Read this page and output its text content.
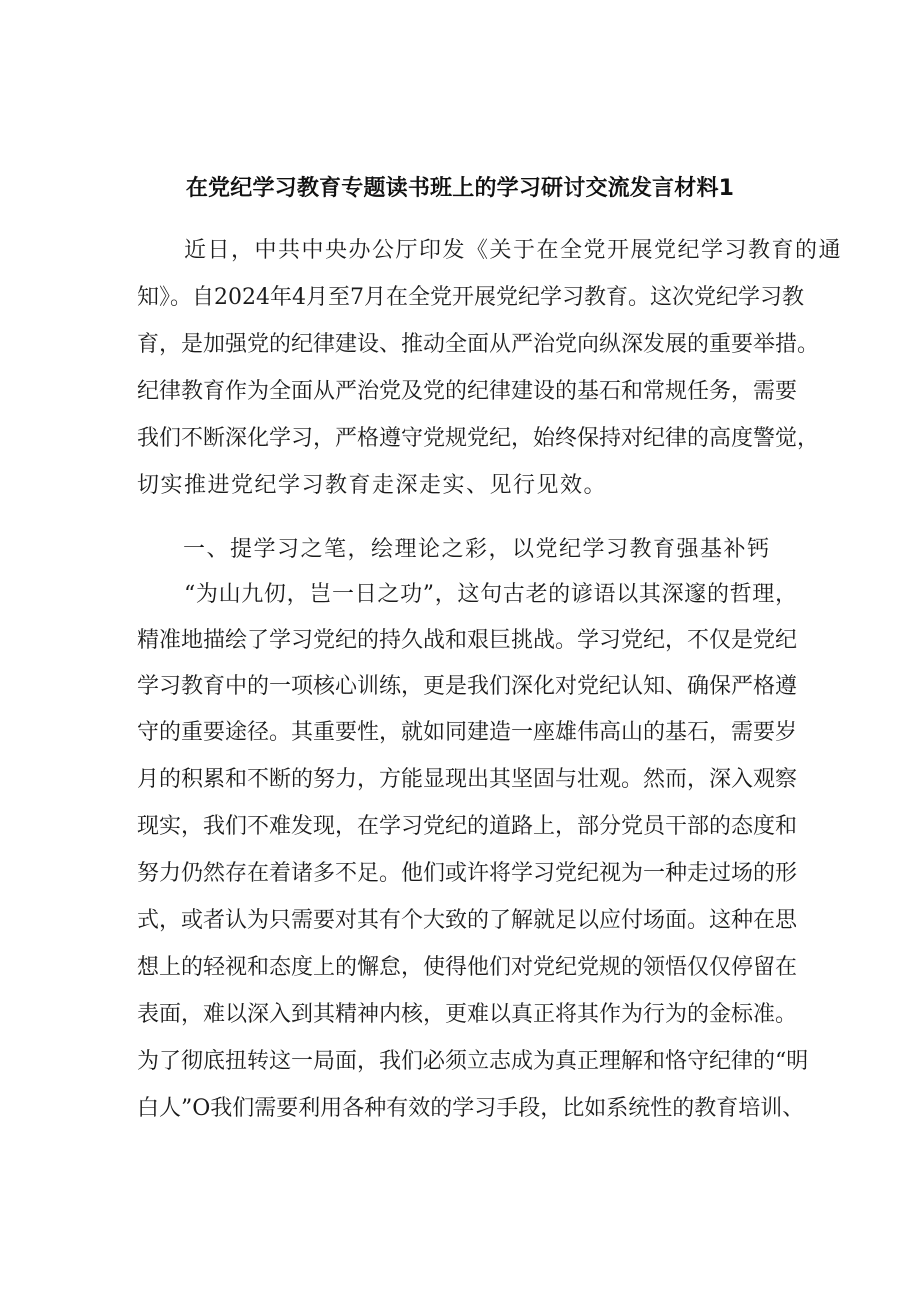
在党纪学习教育专题读书班上的学习研讨交流发言材料1
近日，中共中央办公厅印发《关于在全党开展党纪学习教育的通
知》。自2024年4月至7月在全党开展党纪学习教育。这次党纪学习教
育，是加强党的纪律建设、推动全面从严治党向纵深发展的重要举措。
纪律教育作为全面从严治党及党的纪律建设的基石和常规任务，需要
我们不断深化学习，严格遵守党规党纪，始终保持对纪律的高度警觉，
切实推进党纪学习教育走深走实、见行见效。
一、提学习之笔，绘理论之彩，以党纪学习教育强基补钙
“为山九仞，岂一日之功”，这句古老的谚语以其深邃的哲理，
精准地描绘了学习党纪的持久战和艰巨挑战。学习党纪，不仅是党纪
学习教育中的一项核心训练，更是我们深化对党纪认知、确保严格遵
守的重要途径。其重要性，就如同建造一座雄伟高山的基石，需要岁
月的积累和不断的努力，方能显现出其坚固与壮观。然而，深入观察
现实，我们不难发现，在学习党纪的道路上，部分党员干部的态度和
努力仍然存在着诸多不足。他们或许将学习党纪视为一种走过场的形
式，或者认为只需要对其有个大致的了解就足以应付场面。这种在思
想上的轻视和态度上的懈怠，使得他们对党纪党规的领悟仅仅停留在
表面，难以深入到其精神内核，更难以真正将其作为行为的金标准。
为了彻底扭转这一局面，我们必须立志成为真正理解和恪守纪律的“明
白人”O我们需要利用各种有效的学习手段，比如系统性的教育培训、
